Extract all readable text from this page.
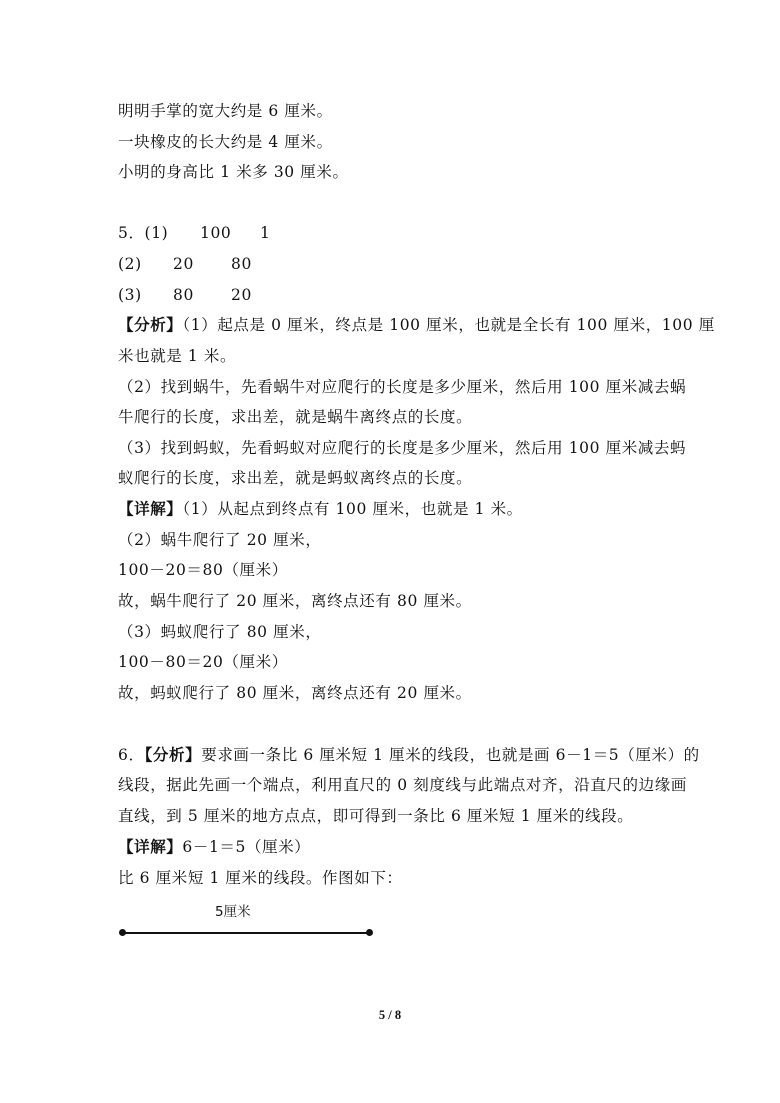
明明手掌的宽大约是 6 厘米。
一块橡皮的长大约是 4 厘米。
小明的身高比 1 米多 30 厘米。
5．(1) 100 1
(2) 20 80
(3) 80 20
【分析】（1）起点是 0 厘米，终点是 100 厘米，也就是全长有 100 厘米，100 厘
米也就是 1 米。
（2）找到蜗牛，先看蜗牛对应爬行的长度是多少厘米，然后用 100 厘米减去蜗
牛爬行的长度，求出差，就是蜗牛离终点的长度。
（3）找到蚂蚁，先看蚂蚁对应爬行的长度是多少厘米，然后用 100 厘米减去蚂
蚁爬行的长度，求出差，就是蚂蚁离终点的长度。
【详解】（1）从起点到终点有 100 厘米，也就是 1 米。
（2）蜗牛爬行了 20 厘米，
100－20＝80（厘米）
故，蜗牛爬行了 20 厘米，离终点还有 80 厘米。
（3）蚂蚁爬行了 80 厘米，
100－80＝20（厘米）
故，蚂蚁爬行了 80 厘米，离终点还有 20 厘米。
6．【分析】要求画一条比 6 厘米短 1 厘米的线段，也就是画 6－1＝5（厘米）的
线段，据此先画一个端点，利用直尺的 0 刻度线与此端点对齐，沿直尺的边缘画
直线，到 5 厘米的地方点点，即可得到一条比 6 厘米短 1 厘米的线段。
【详解】6－1＝5（厘米）
比 6 厘米短 1 厘米的线段。作图如下：
5厘米
5 / 8
